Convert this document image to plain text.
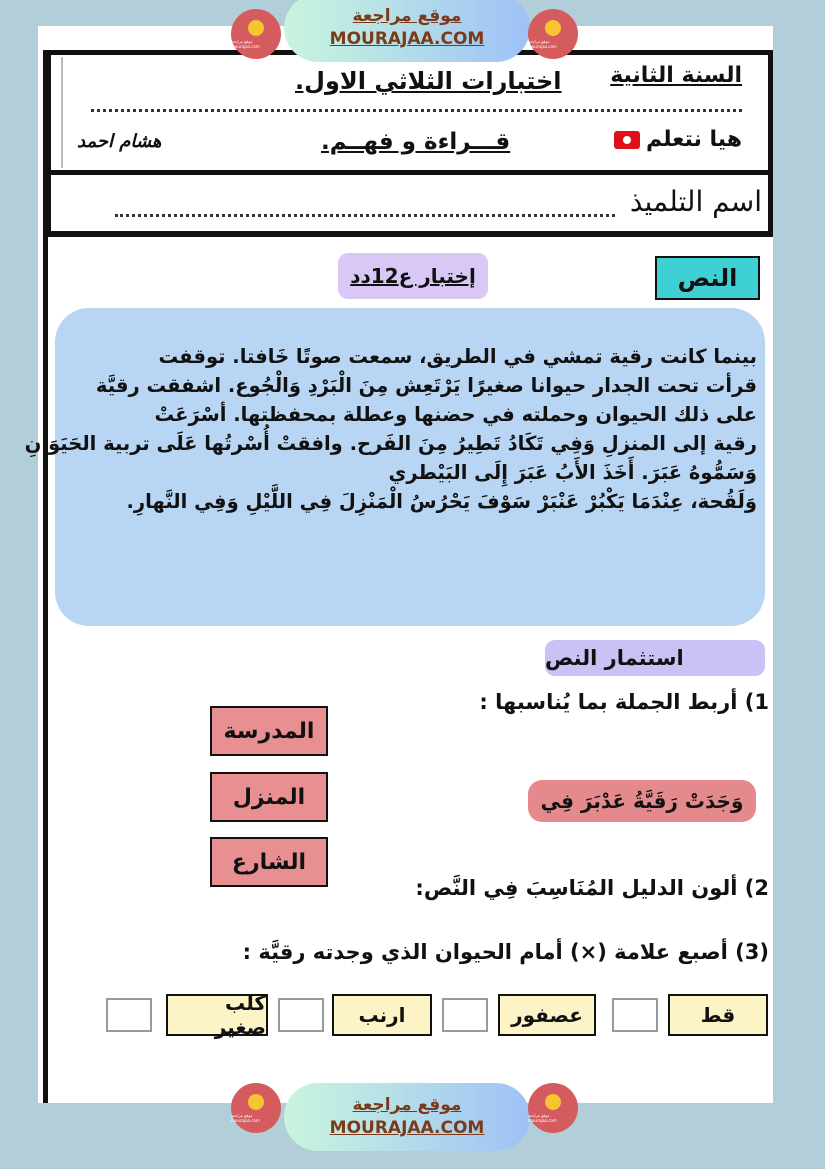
السنة الثانية
اختبارات الثلاثي الاول.
هيا نتعلم
قـــراءة و فهــم.
هشام احمد
اسم التلميذ
النص
إختبار ع12دد

بينما كانت رقية تمشي في الطريق، سمعت صوتًا خَافتا. توقفت

قرأت تحت الجدار حيوانا صغيرًا يَرْتَعِش مِنَ الْبَرْدِ وَالْجُوع. اشفقت رقيَّة

على ذلك الحيوان وحملته في حضنها وعطلة بمحفظتها. أسْرَعَتْ

رقية إلى المنزلِ وَفِي تَكَادُ تَطِيرُ مِنَ الفَرح. وافقتْ أُسْرتُها عَلَى تربية الحَيَوَانِ

وَسَمُّوهُ عَبَرَ. أَخَذَ الأَبُ عَبَرَ إِلَى البَيْطري

وَلَقُحة، عِنْدَمَا يَكْبُرْ عَنْبَرْ سَوْفَ يَحْرُسُ الْمَنْزِلَ فِي اللَّيْلِ وَفِي النَّهارِ.

استثمار النص
1) أربط الجملة بما يُناسبها :
المدرسة
المنزل
الشارع
وَجَدَتْ رَقَيَّةُ عَدْبَرَ فِي
2) ألون الدليل المُنَاسِبَ فِي النَّص:
(3) أصبع علامة (×) أمام الحيوان الذي وجدته رقيَّة :
قط
عصفور
ارنب
كلب صغير
موقع مراجعة mourajaa.com
موقع مراجعة
MOURAJAA.COM	موقع مراجعة mourajaa.com
موقع مراجعة mourajaa.com
موقع مراجعة
MOURAJAA.COM
موقع مراجعة mourajaa.com
